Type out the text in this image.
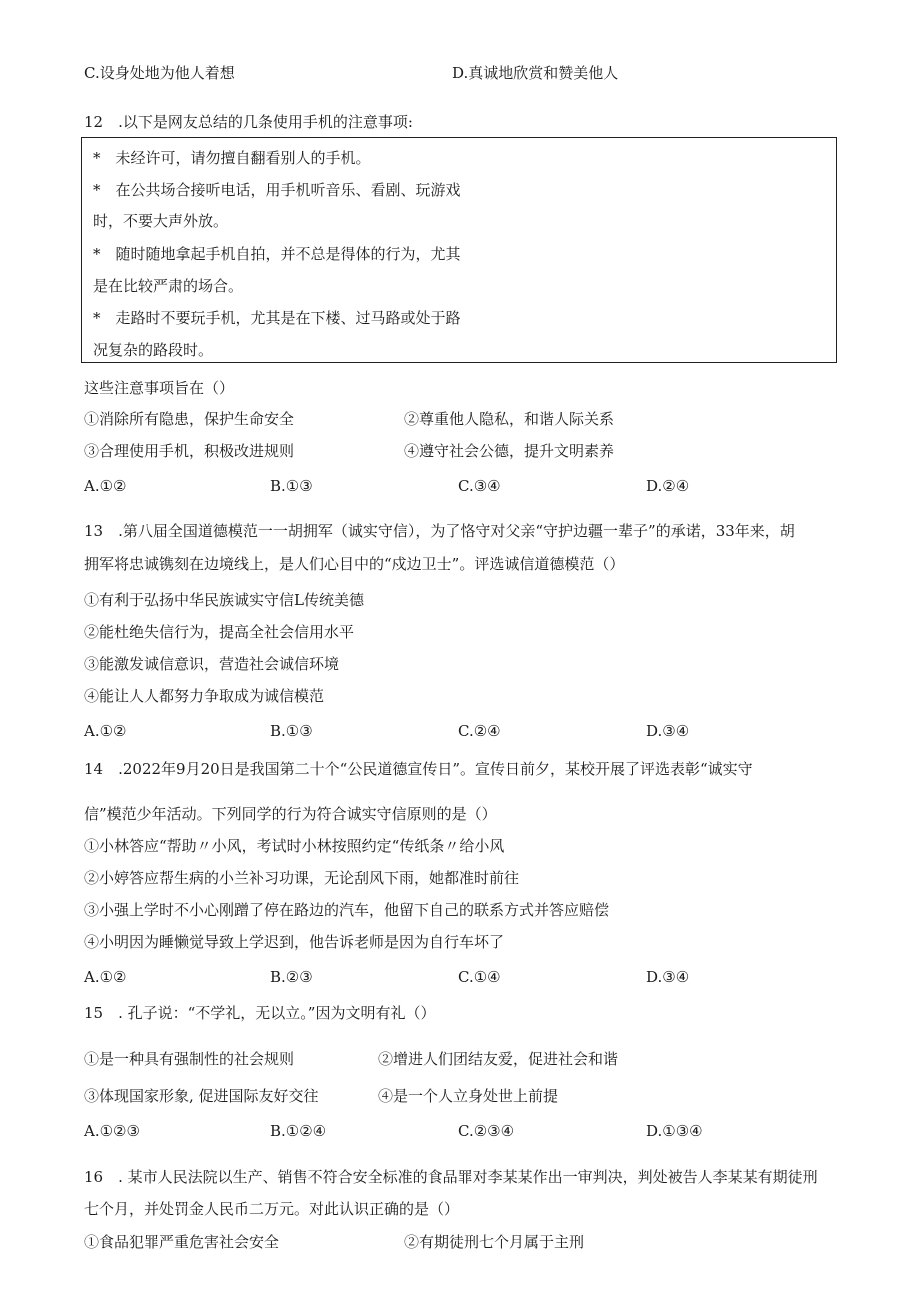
C.设身处地为他人着想	D.真诚地欣赏和赞美他人
12　.以下是网友总结的几条使用手机的注意事项:
*　未经许可，请勿擅自翻看别人的手机。
*　在公共场合接听电话，用手机听音乐、看剧、玩游戏
时，不要大声外放。
*　随时随地拿起手机自拍，并不总是得体的行为，尤其
是在比较严肃的场合。
*　走路时不要玩手机，尤其是在下楼、过马路或处于路
况复杂的路段时。
这些注意事项旨在（）
①消除所有隐患，保护生命安全	②尊重他人隐私，和谐人际关系
③合理使用手机，积极改进规则	④遵守社会公德，提升文明素养
A.①②	B.①③	C.③④	D.②④
13　.第八届全国道德模范一一胡拥军（诚实守信），为了恪守对父亲“守护边疆一辈子”的承诺，33年来，胡
拥军将忠诚镌刻在边境线上，是人们心目中的“戍边卫士”。评选诚信道德模范（）
①有利于弘扬中华民族诚实守信L传统美德
②能杜绝失信行为，提高全社会信用水平
③能激发诚信意识，营造社会诚信环境
④能让人人都努力争取成为诚信模范
A.①②	B.①③	C.②④	D.③④
14　.2022年9月20日是我国第二十个“公民道德宣传日”。宣传日前夕，某校开展了评选表彰“诚实守
信”模范少年活动。下列同学的行为符合诚实守信原则的是（）
①小林答应“帮助〃小风，考试时小林按照约定“传纸条〃给小风
②小婷答应帮生病的小兰补习功课，无论刮风下雨，她都准时前往
③小强上学时不小心刚蹭了停在路边的汽车，他留下自己的联系方式并答应赔偿
④小明因为睡懒觉导致上学迟到，他告诉老师是因为自行车坏了
A.①②	B.②③	C.①④	D.③④
15　. 孔子说：“不学礼，无以立。”因为文明有礼（）
①是一种具有强制性的社会规则	②增进人们团结友爱，促进社会和谐
③体现国家形象, 促进国际友好交往	④是一个人立身处世上前提
A.①②③	B.①②④	C.②③④	D.①③④
16　. 某市人民法院以生产、销售不符合安全标准的食品罪对李某某作出一审判决，判处被告人李某某有期徒刑
七个月，并处罚金人民币二万元。对此认识正确的是（）
①食品犯罪严重危害社会安全	②有期徒刑七个月属于主刑
